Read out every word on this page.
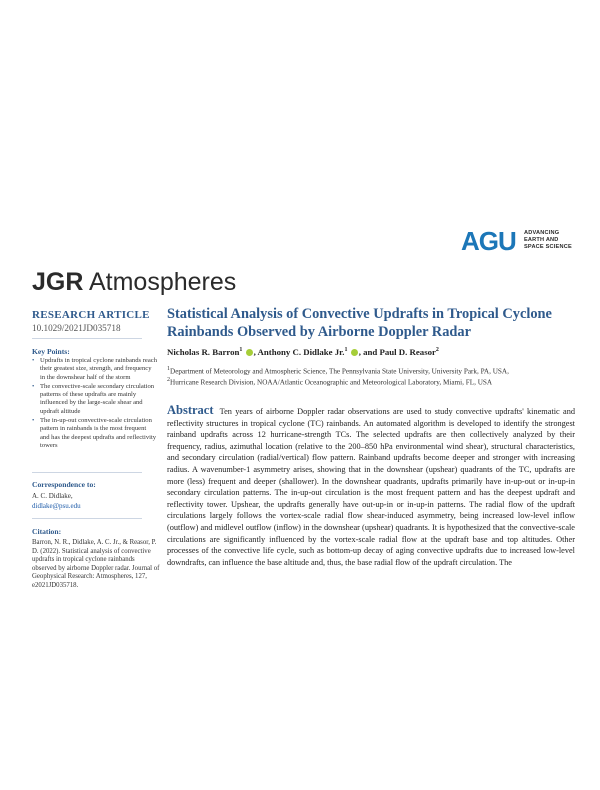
AGU ADVANCING
EARTH AND
SPACE SCIENCE
JGR Atmospheres
RESEARCH ARTICLE
10.1029/2021JD035718
Key Points:
• Updrafts in tropical cyclone rainbands reach their greatest size, strength, and frequency in the downshear half of the storm
• The convective-scale secondary circulation patterns of these updrafts are mainly influenced by the large-scale shear and updraft altitude
• The in-up-out convective-scale circulation pattern in rainbands is the most frequent and has the deepest updrafts and reflectivity towers
Correspondence to:
A. C. Didlake,
didlake@psu.edu
Citation:
Barron, N. R., Didlake, A. C. Jr., & Reasor, P. D. (2022). Statistical analysis of convective updrafts in tropical cyclone rainbands observed by airborne Doppler radar. Journal of Geophysical Research: Atmospheres, 127, e2021JD035718.
Statistical Analysis of Convective Updrafts in Tropical Cyclone Rainbands Observed by Airborne Doppler Radar
Nicholas R. Barron$^1$ , Anthony C. Didlake Jr.$^1$ , and Paul D. Reasor$^2$
$^1$Department of Meteorology and Atmospheric Science, The Pennsylvania State University, University Park, PA, USA,
$^2$Hurricane Research Division, NOAA/Atlantic Oceanographic and Meteorological Laboratory, Miami, FL, USA
Abstract Ten years of airborne Doppler radar observations are used to study convective updrafts' kinematic and reflectivity structures in tropical cyclone (TC) rainbands. An automated algorithm is developed to identify the strongest rainband updrafts across 12 hurricane-strength TCs. The selected updrafts are then collectively analyzed by their frequency, radius, azimuthal location (relative to the 200–850 hPa environmental wind shear), structural characteristics, and secondary circulation (radial/vertical) flow pattern. Rainband updrafts become deeper and stronger with increasing radius. A wavenumber-1 asymmetry arises, showing that in the downshear (upshear) quadrants of the TC, updrafts are more (less) frequent and deeper (shallower). In the downshear quadrants, updrafts primarily have in-up-out or in-up-in secondary circulation patterns. The in-up-out circulation is the most frequent pattern and has the deepest updraft and reflectivity tower. Upshear, the updrafts generally have out-up-in or in-up-in patterns. The radial flow of the updraft circulations largely follows the vortex-scale radial flow shear-induced asymmetry, being increased low-level inflow (outflow) and midlevel outflow (inflow) in the downshear (upshear) quadrants. It is hypothesized that the convective-scale circulations are significantly influenced by the vortex-scale radial flow at the updraft base and top altitudes. Other processes of the convective life cycle, such as bottom-up decay of aging convective updrafts due to increased low-level downdrafts, can influence the base altitude and, thus, the base radial flow of the updraft circulation. The
